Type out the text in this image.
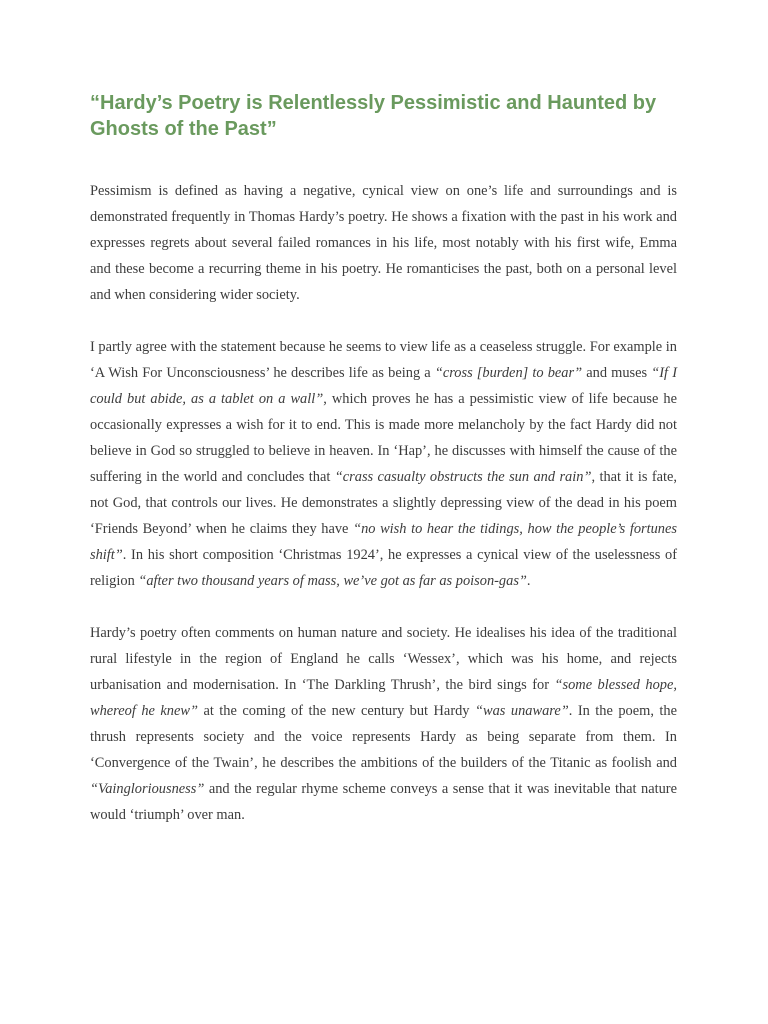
“Hardy’s Poetry is Relentlessly Pessimistic and Haunted by Ghosts of the Past”

Pessimism is defined as having a negative, cynical view on one’s life and surroundings and is demonstrated frequently in Thomas Hardy’s poetry. He shows a fixation with the past in his work and expresses regrets about several failed romances in his life, most notably with his first wife, Emma and these become a recurring theme in his poetry. He romanticises the past, both on a personal level and when considering wider society.

I partly agree with the statement because he seems to view life as a ceaseless struggle. For example in ‘A Wish For Unconsciousness’ he describes life as being a “cross [burden] to bear” and muses “If I could but abide, as a tablet on a wall”, which proves he has a pessimistic view of life because he occasionally expresses a wish for it to end. This is made more melancholy by the fact Hardy did not believe in God so struggled to believe in heaven. In ‘Hap’, he discusses with himself the cause of the suffering in the world and concludes that “crass casualty obstructs the sun and rain”, that it is fate, not God, that controls our lives. He demonstrates a slightly depressing view of the dead in his poem ‘Friends Beyond’ when he claims they have “no wish to hear the tidings, how the people’s fortunes shift”. In his short composition ‘Christmas 1924’, he expresses a cynical view of the uselessness of religion “after two thousand years of mass, we’ve got as far as poison-gas”.

Hardy’s poetry often comments on human nature and society. He idealises his idea of the traditional rural lifestyle in the region of England he calls ‘Wessex’, which was his home, and rejects urbanisation and modernisation. In ‘The Darkling Thrush’, the bird sings for “some blessed hope, whereof he knew” at the coming of the new century but Hardy “was unaware”. In the poem, the thrush represents society and the voice represents Hardy as being separate from them. In ‘Convergence of the Twain’, he describes the ambitions of the builders of the Titanic as foolish and “Vaingloriousness” and the regular rhyme scheme conveys a sense that it was inevitable that nature would ‘triumph’ over man.
